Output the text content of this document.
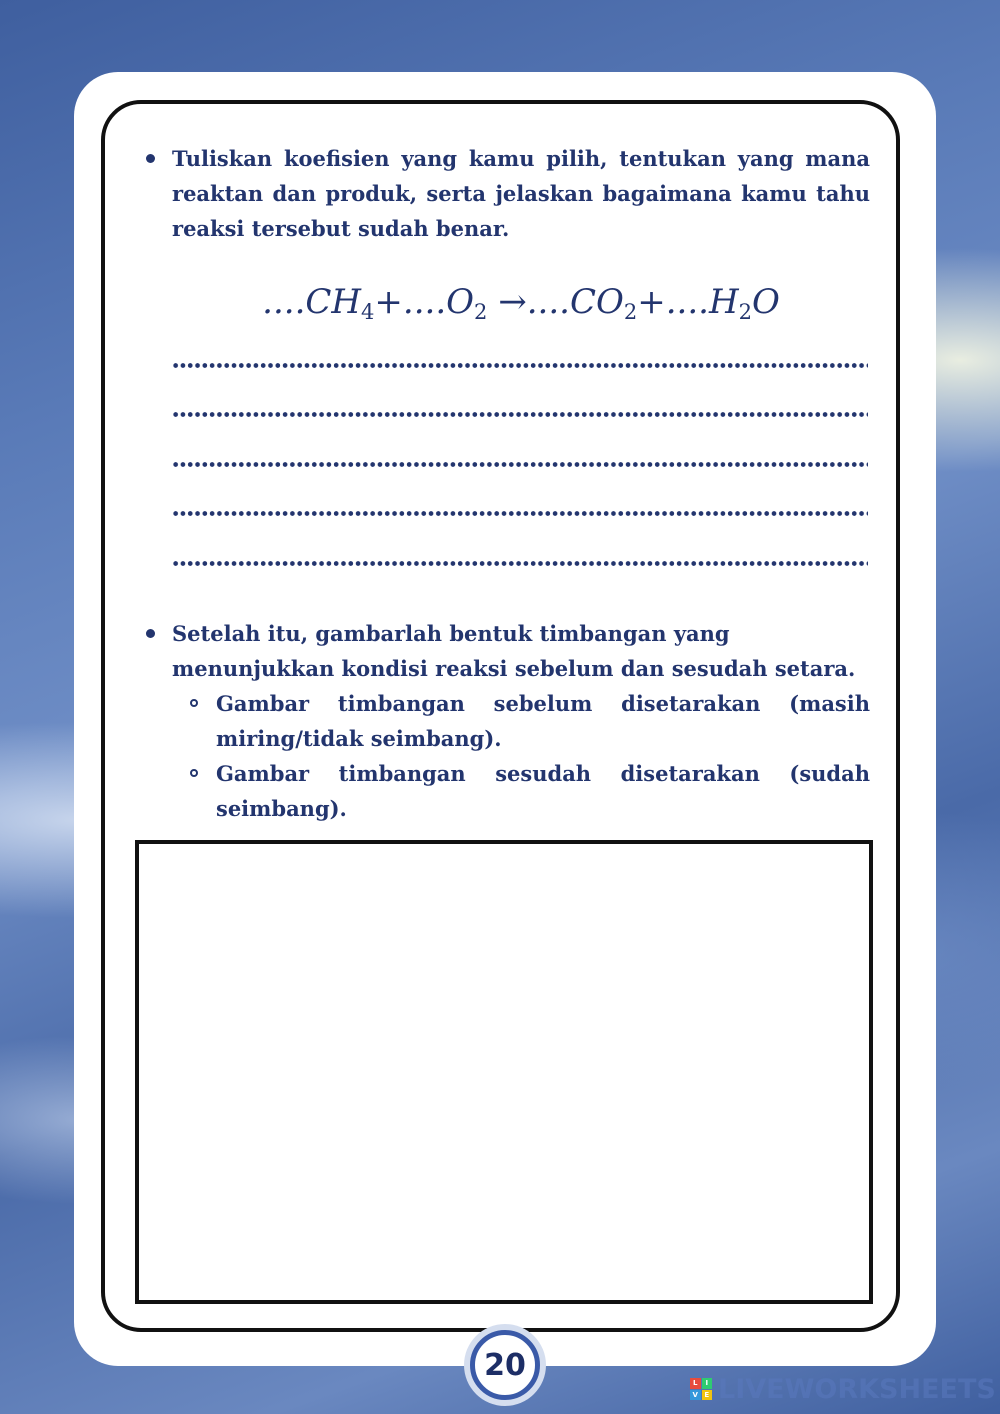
Tuliskan koefisien yang kamu pilih, tentukan yang mana reaktan dan produk, serta jelaskan bagaimana kamu tahu reaksi tersebut sudah benar.
$....CH_4+....O_2 \to....CO_2+....H_2O$
Setelah itu, gambarlah bentuk timbangan yang menunjukkan kondisi reaksi sebelum dan sesudah setara.
Gambar timbangan sebelum disetarakan (masih miring/tidak seimbang).
Gambar timbangan sesudah disetarakan (sudah seimbang).
20
L	I
V E LIVEWORKSHEETS
